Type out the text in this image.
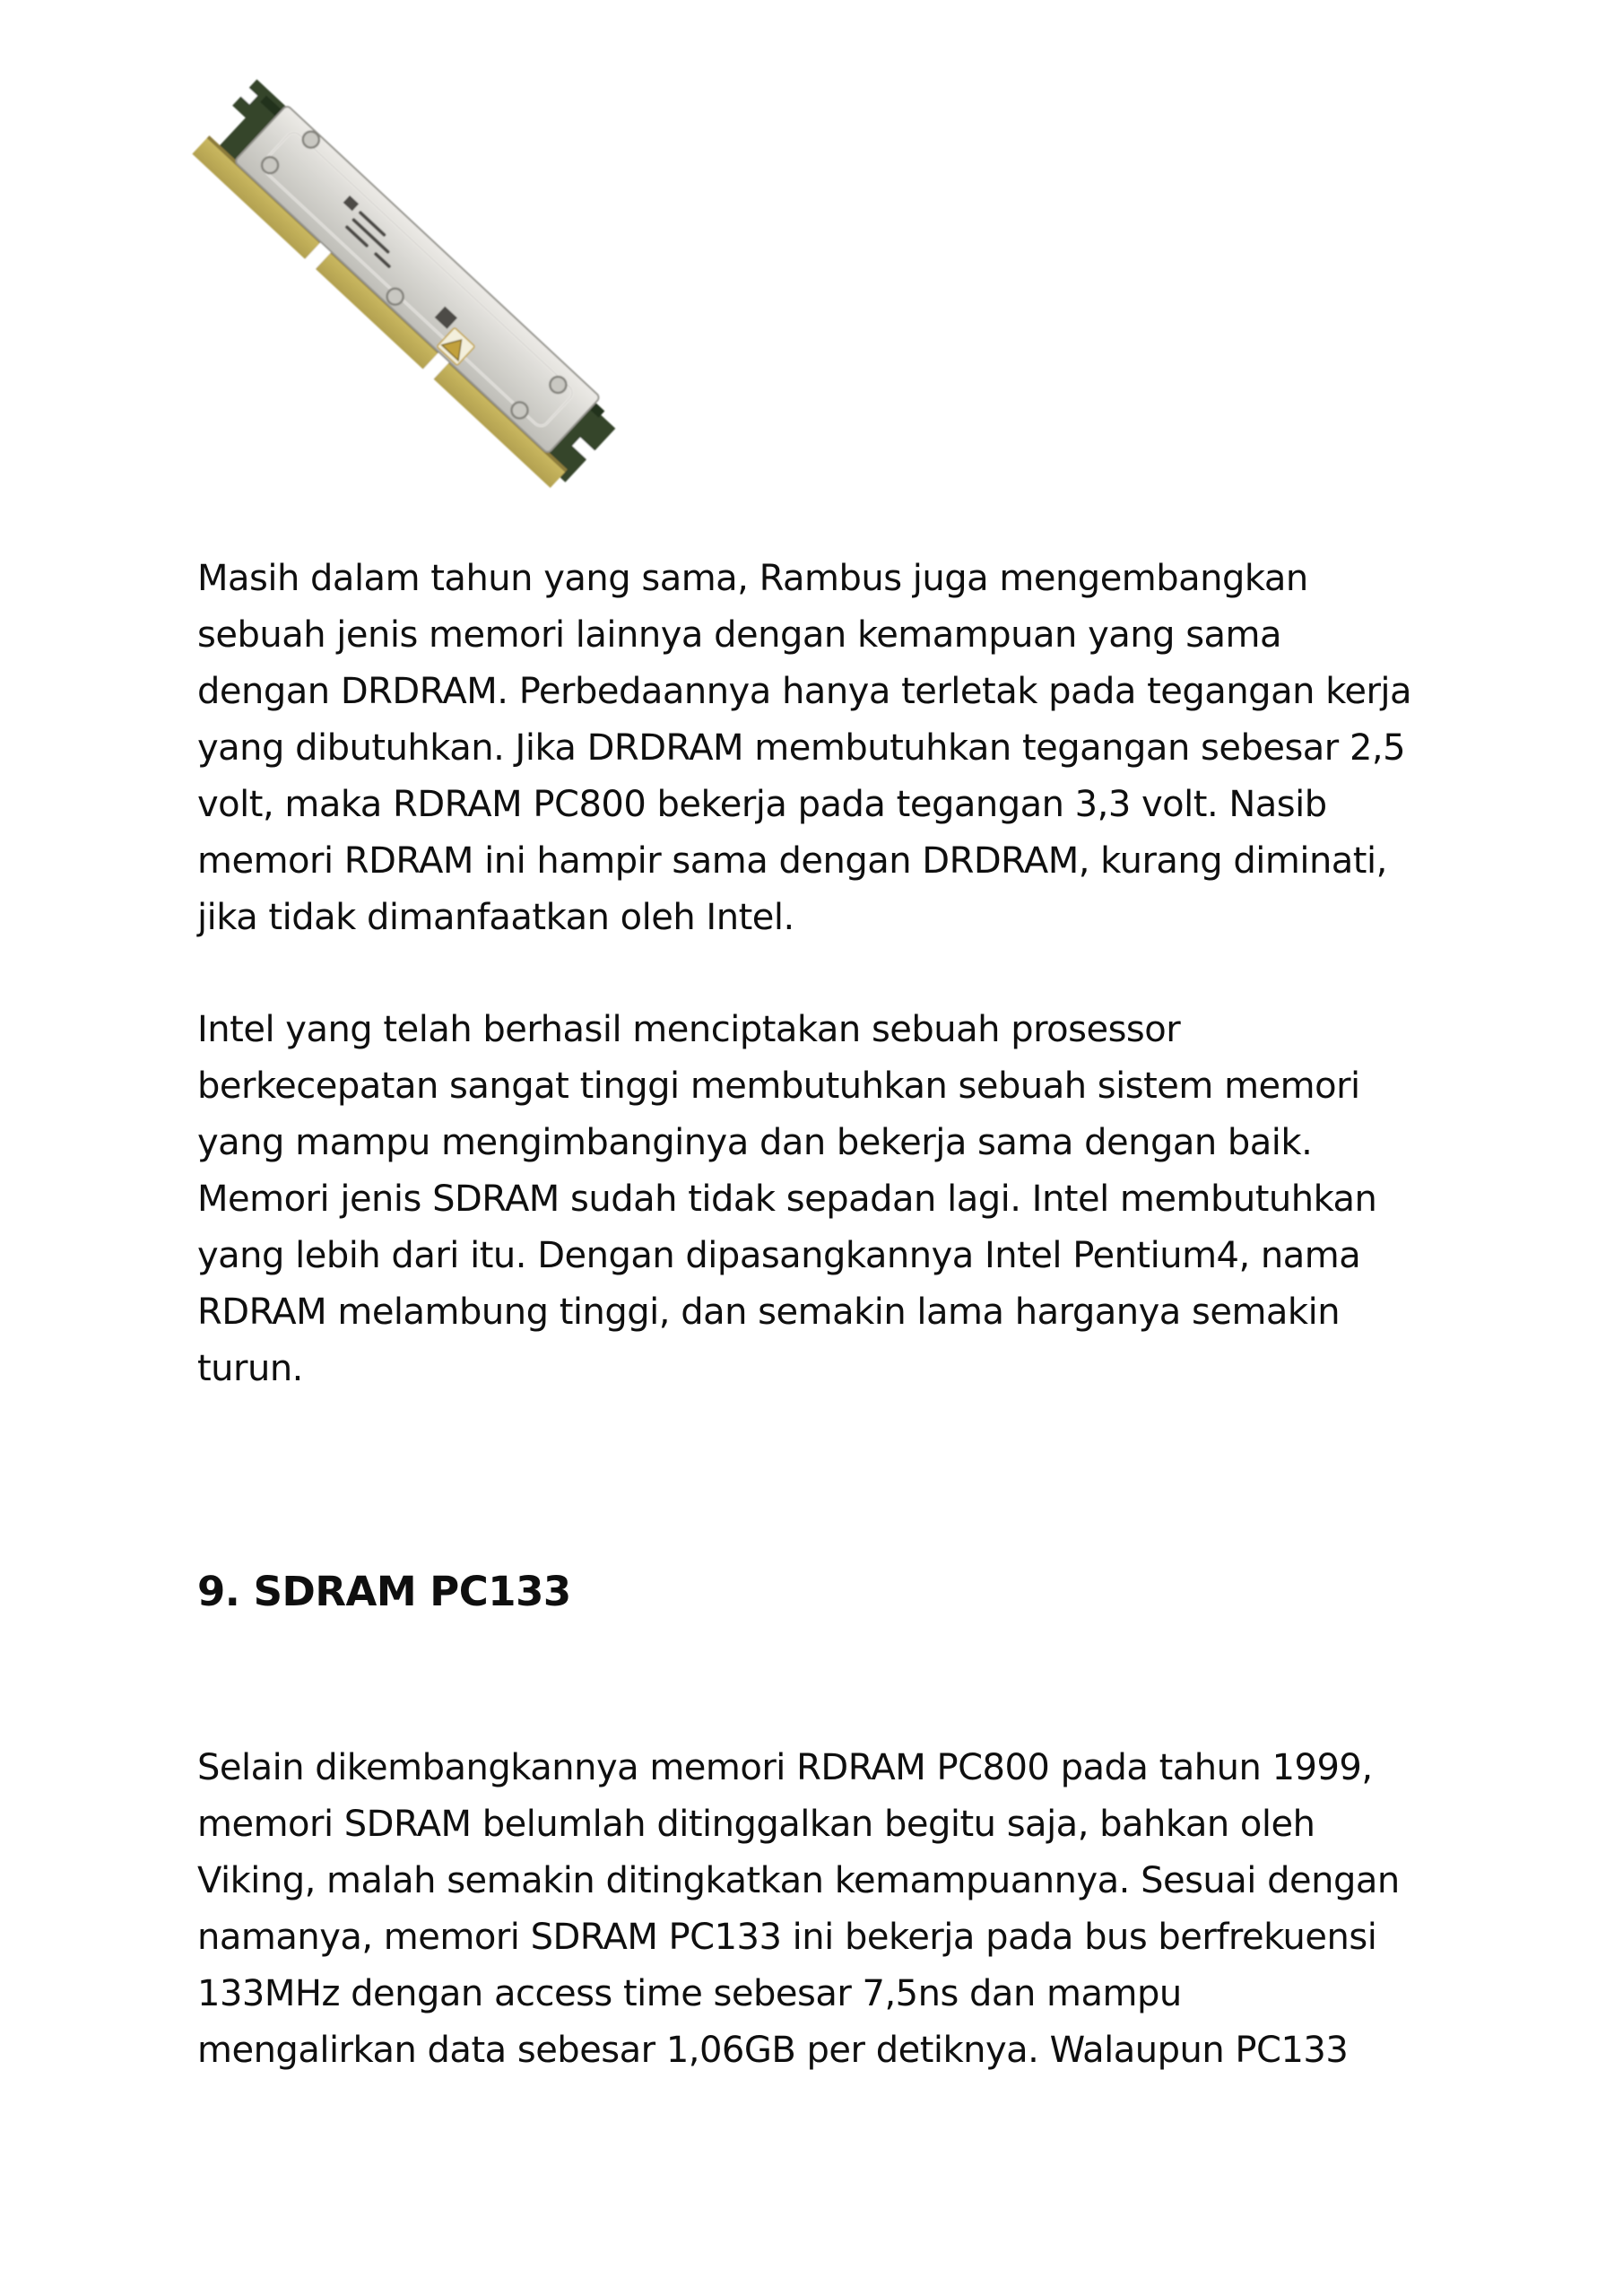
Masih dalam tahun yang sama, Rambus juga mengembangkan
sebuah jenis memori lainnya dengan kemampuan yang sama
dengan DRDRAM. Perbedaannya hanya terletak pada tegangan kerja
yang dibutuhkan. Jika DRDRAM membutuhkan tegangan sebesar 2,5
volt, maka RDRAM PC800 bekerja pada tegangan 3,3 volt. Nasib
memori RDRAM ini hampir sama dengan DRDRAM, kurang diminati,
jika tidak dimanfaatkan oleh Intel.
Intel yang telah berhasil menciptakan sebuah prosessor
berkecepatan sangat tinggi membutuhkan sebuah sistem memori
yang mampu mengimbanginya dan bekerja sama dengan baik.
Memori jenis SDRAM sudah tidak sepadan lagi. Intel membutuhkan
yang lebih dari itu. Dengan dipasangkannya Intel Pentium4, nama
RDRAM melambung tinggi, dan semakin lama harganya semakin
turun.
9. SDRAM PC133
Selain dikembangkannya memori RDRAM PC800 pada tahun 1999,
memori SDRAM belumlah ditinggalkan begitu saja, bahkan oleh
Viking, malah semakin ditingkatkan kemampuannya. Sesuai dengan
namanya, memori SDRAM PC133 ini bekerja pada bus berfrekuensi
133MHz dengan access time sebesar 7,5ns dan mampu
mengalirkan data sebesar 1,06GB per detiknya. Walaupun PC133
